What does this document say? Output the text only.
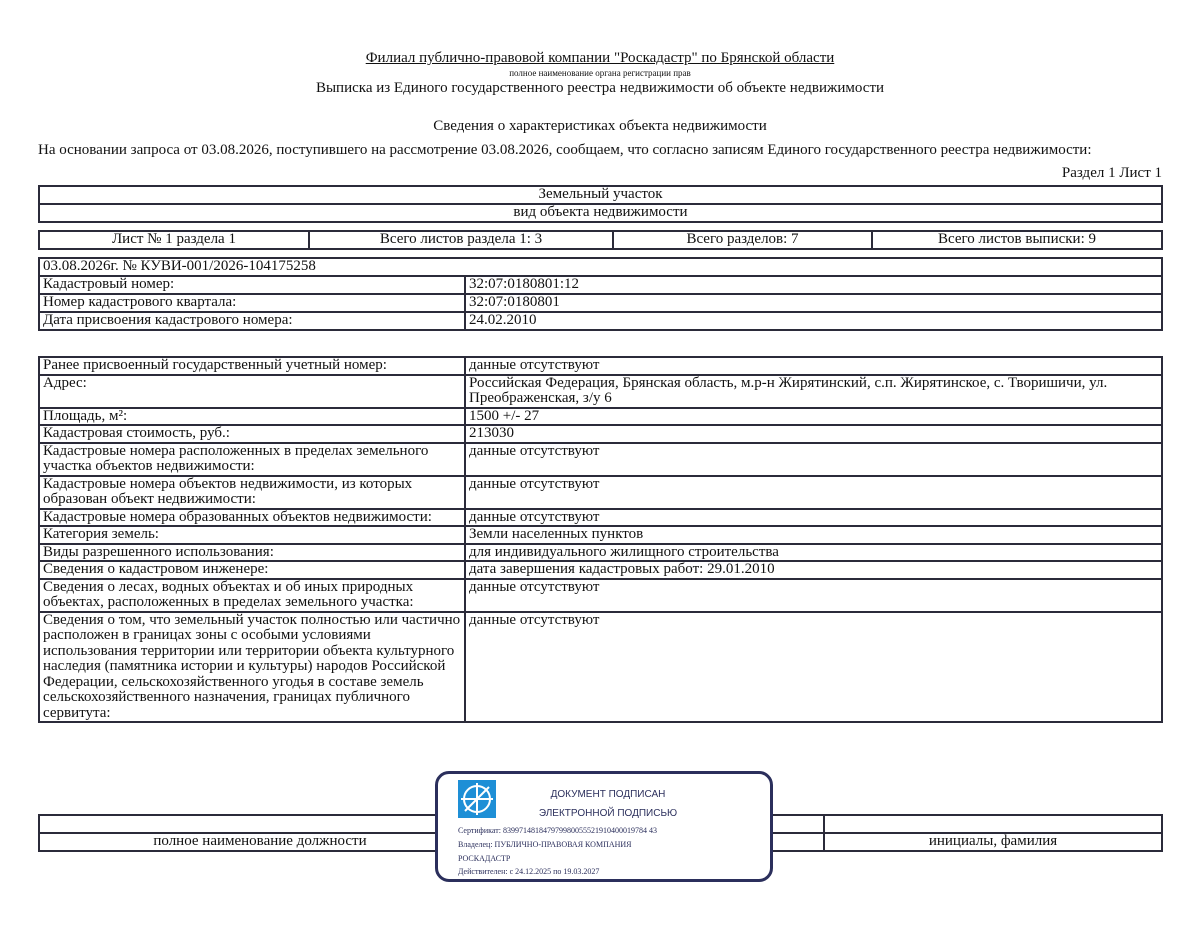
Филиал публично-правовой компании "Роскадастр" по Брянской области
полное наименование органа регистрации прав
Выписка из Единого государственного реестра недвижимости об объекте недвижимости
Сведения о характеристиках объекта недвижимости
На основании запроса от 03.08.2026, поступившего на рассмотрение 03.08.2026, сообщаем, что согласно записям Единого государственного реестра недвижимости:
Раздел 1 Лист 1
Земельный участок
вид объекта недвижимости
Лист № 1 раздела 1	Всего листов раздела 1: 3	Всего разделов: 7	Всего листов выписки: 9
03.08.2026г. № КУВИ-001/2026-104175258	
Кадастровый номер:	32:07:0180801:12
Номер кадастрового квартала:	32:07:0180801
Дата присвоения кадастрового номера:	24.02.2010
Ранее присвоенный государственный учетный номер:	данные отсутствуют
Адрес:	Российская Федерация, Брянская область, м.р-н Жирятинский, с.п. Жирятинское, с. Творишичи, ул. Преображенская, з/у 6
Площадь, м²:	1500 +/- 27
Кадастровая стоимость, руб.:	213030
Кадастровые номера расположенных в пределах земельного участка объектов недвижимости:	данные отсутствуют
Кадастровые номера объектов недвижимости, из которых образован объект недвижимости:	данные отсутствуют
Кадастровые номера образованных объектов недвижимости:	данные отсутствуют
Категория земель:	Земли населенных пунктов
Виды разрешенного использования:	для индивидуального жилищного строительства
Сведения о кадастровом инженере:	дата завершения кадастровых работ: 29.01.2010
Сведения о лесах, водных объектах и об иных природных объектах, расположенных в пределах земельного участка:	данные отсутствуют
Сведения о том, что земельный участок полностью или частично расположен в границах зоны с особыми условиями использования территории или территории объекта культурного наследия (памятника истории и культуры) народов Российской Федерации, сельскохозяйственного угодья в составе земель сельскохозяйственного назначения, границах публичного сервитута:	данные отсутствуют

полное наименование должности		инициалы, фамилия
ДОКУМЕНТ ПОДПИСАН
ЭЛЕКТРОННОЙ ПОДПИСЬЮ
Сертификат: 839971481847979980055521910400019784 43
Владелец: ПУБЛИЧНО-ПРАВОВАЯ КОМПАНИЯ
РОСКАДАСТР
Действителен: с 24.12.2025 по 19.03.2027
